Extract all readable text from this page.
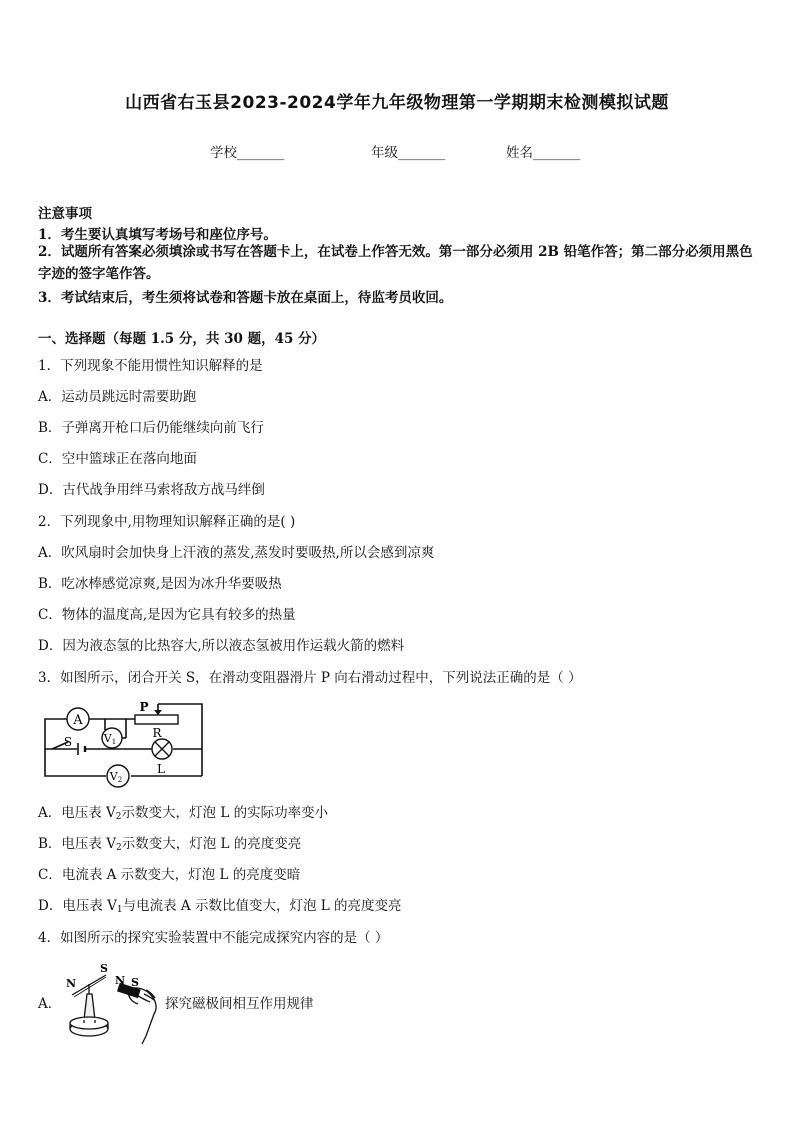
山西省右玉县2023-2024学年九年级物理第一学期期末检测模拟试题
学校_______	年级_______	姓名_______
注意事项
1．考生要认真填写考场号和座位序号。
2．试题所有答案必须填涂或书写在答题卡上，在试卷上作答无效。第一部分必须用 2B 铅笔作答；第二部分必须用黑色字迹的签字笔作答。
3．考试结束后，考生须将试卷和答题卡放在桌面上，待监考员收回。
一、选择题（每题 1.5 分，共 30 题，45 分）
1．下列现象不能用惯性知识解释的是
A．运动员跳远时需要助跑
B．子弹离开枪口后仍能继续向前飞行
C．空中篮球正在落向地面
D．古代战争用绊马索将敌方战马绊倒
2．下列现象中,用物理知识解释正确的是( )
A．吹风扇时会加快身上汗液的蒸发,蒸发时要吸热,所以会感到凉爽
B．吃冰棒感觉凉爽,是因为冰升华要吸热
C．物体的温度高,是因为它具有较多的热量
D．因为液态氢的比热容大,所以液态氢被用作运载火箭的燃料
3．如图所示，闭合开关 S，在滑动变阻器滑片 P 向右滑动过程中，下列说法正确的是（ ）
A
V1
V2
P
R
S
L
A．电压表 $V_2$示数变大，灯泡 L 的实际功率变小
B．电压表 $V_2$示数变大，灯泡 L 的亮度变亮
C．电流表 A 示数变大，灯泡 L 的亮度变暗
D．电压表 $V_1$与电流表 A 示数比值变大，灯泡 L 的亮度变亮
4．如图所示的探究实验装置中不能完成探究内容的是（ ）
A．
N
S
N S
探究磁极间相互作用规律
